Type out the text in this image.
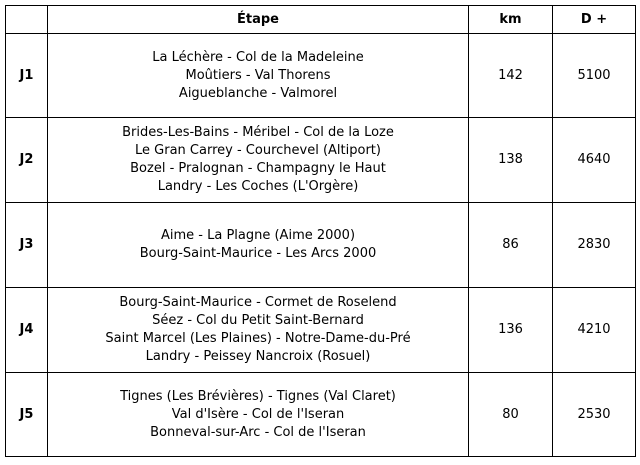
	Étape	km	D +
J1	La Léchère - Col de la Madeleine
Moûtiers - Val Thorens
Aigueblanche - Valmorel	142	5100
J2	Brides-Les-Bains - Méribel - Col de la Loze
Le Gran Carrey - Courchevel (Altiport)
Bozel - Pralognan - Champagny le Haut
Landry - Les Coches (L'Orgère)	138	4640
J3	Aime - La Plagne (Aime 2000)
Bourg-Saint-Maurice - Les Arcs 2000	86	2830
J4	Bourg-Saint-Maurice - Cormet de Roselend
Séez - Col du Petit Saint-Bernard
Saint Marcel (Les Plaines) - Notre-Dame-du-Pré
Landry - Peissey Nancroix (Rosuel)	136	4210
J5	Tignes (Les Brévières) - Tignes (Val Claret)
Val d'Isère - Col de l'Iseran
Bonneval-sur-Arc - Col de l'Iseran	80	2530
